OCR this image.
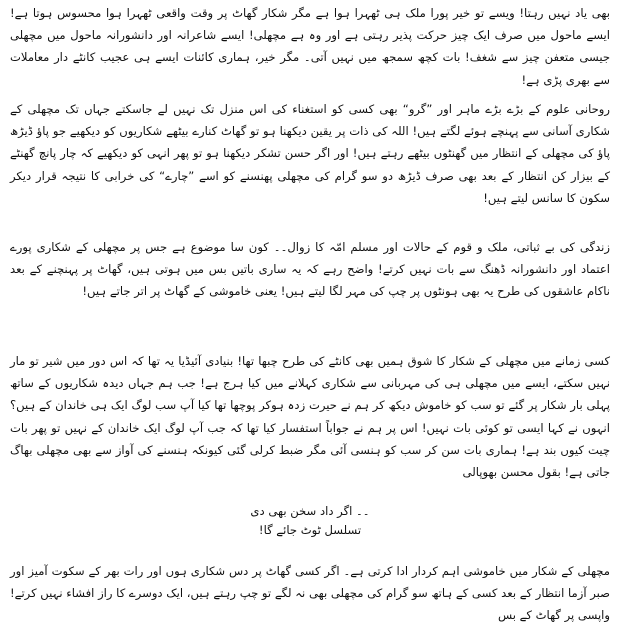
بھی یاد نہیں رہتا! ویسے تو خیر پورا ملک ہی ٹھہرا ہوا ہے مگر شکار گھاٹ پر وقت واقعی ٹھہرا ہوا محسوس ہوتا ہے! ایسے ماحول میں صرف ایک چیز حرکت پذیر رہتی ہے اور وہ ہے مچھلی! ایسے شاعرانہ اور دانشورانہ ماحول میں مچھلی جیسی متعفن چیز سے شغف! بات کچھ سمجھ میں نہیں آتی۔ مگر خیر، ہماری کائنات ایسے ہی عجیب کانٹے دار معاملات سے بھری پڑی ہے!

روحانی علوم کے بڑے بڑے ماہر اور ”گرو“ بھی کسی کو استغناء کی اس منزل تک نہیں لے جاسکتے جہاں تک مچھلی کے شکاری آسانی سے پہنچے ہوئے لگتے ہیں! اللہ کی ذات پر یقین دیکھنا ہو تو گھاٹ کنارے بیٹھے شکاریوں کو دیکھیے جو پاؤ ڈیڑھ پاؤ کی مچھلی کے انتظار میں گھنٹوں بیٹھے رہتے ہیں! اور اگر حسن تشکر دیکھنا ہو تو پھر انہی کو دیکھیے کہ چار پانچ گھنٹے کے بیزار کن انتظار کے بعد بھی صرف ڈیڑھ دو سو گرام کی مچھلی پھنسنے کو اسے ”چارے“ کی خرابی کا نتیجہ قرار دیکر سکون کا سانس لیتے ہیں!

زندگی کی بے ثباتی، ملک و قوم کے حالات اور مسلم امّہ کا زوال۔۔ کون سا موضوع ہے جس پر مچھلی کے شکاری پورے اعتماد اور دانشورانہ ڈھنگ سے بات نہیں کرتے! واضح رہے کہ یہ ساری باتیں بس میں ہوتی ہیں، گھاٹ پر پہنچنے کے بعد ناکام عاشقوں کی طرح یہ بھی ہونٹوں پر چپ کی مہر لگا لیتے ہیں! یعنی خاموشی کے گھاٹ پر اتر جاتے ہیں!

کسی زمانے میں مچھلی کے شکار کا شوق ہمیں بھی کانٹے کی طرح چبھا تھا! بنیادی آئیڈیا یہ تھا کہ اس دور میں شیر تو مار نہیں سکتے، ایسے میں مچھلی ہی کی مہربانی سے شکاری کہلانے میں کیا ہرج ہے! جب ہم جہاں دیدہ شکاریوں کے ساتھ پہلی بار شکار پر گئے تو سب کو خاموش دیکھ کر ہم نے حیرت زدہ ہوکر پوچھا تھا کیا آپ سب لوگ ایک ہی خاندان کے ہیں؟ انہوں نے کہا ایسی تو کوئی بات نہیں! اس پر ہم نے جواباً استفسار کیا تھا کہ جب آپ لوگ ایک خاندان کے نہیں تو پھر بات چیت کیوں بند ہے! ہماری بات سن کر سب کو ہنسی آئی مگر ضبط کرلی گئی کیونکہ ہنسنے کی آواز سے بھی مچھلی بھاگ جاتی ہے! بقول محسن بھوپالی

۔۔ اگر داد سخن بھی دی
تسلسل ٹوٹ جائے گا!

مچھلی کے شکار میں خاموشی اہم کردار ادا کرتی ہے۔ اگر کسی گھاٹ پر دس شکاری ہوں اور رات بھر کے سکوت آمیز اور صبر آزما انتظار کے بعد کسی کے ہاتھ سو گرام کی مچھلی بھی نہ لگے تو چپ رہتے ہیں، ایک دوسرے کا راز افشاء نہیں کرتے! واپسی پر گھاٹ کے بس
